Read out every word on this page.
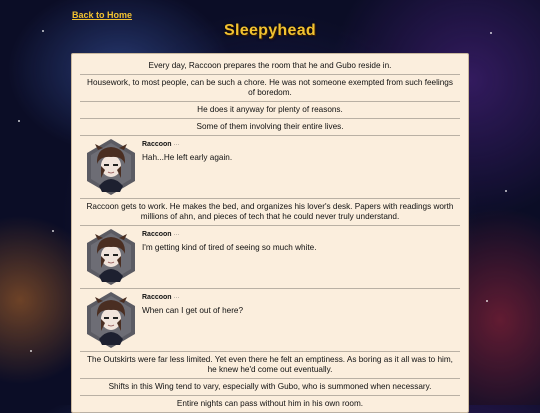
Back to Home
Sleepyhead
Every day, Raccoon prepares the room that he and Gubo reside in.
Housework, to most people, can be such a chore. He was not someone exempted from such feelings of boredom.
He does it anyway for plenty of reasons.
Some of them involving their entire lives.
Raccoon ···
Hah...He left early again.
Raccoon gets to work. He makes the bed, and organizes his lover's desk. Papers with readings worth millions of ahn, and pieces of tech that he could never truly understand.
Raccoon ···
I'm getting kind of tired of seeing so much white.
Raccoon ···
When can I get out of here?
The Outskirts were far less limited. Yet even there he felt an emptiness. As boring as it all was to him, he knew he'd come out eventually.
Shifts in this Wing tend to vary, especially with Gubo, who is summoned when necessary.
Entire nights can pass without him in his own room.
